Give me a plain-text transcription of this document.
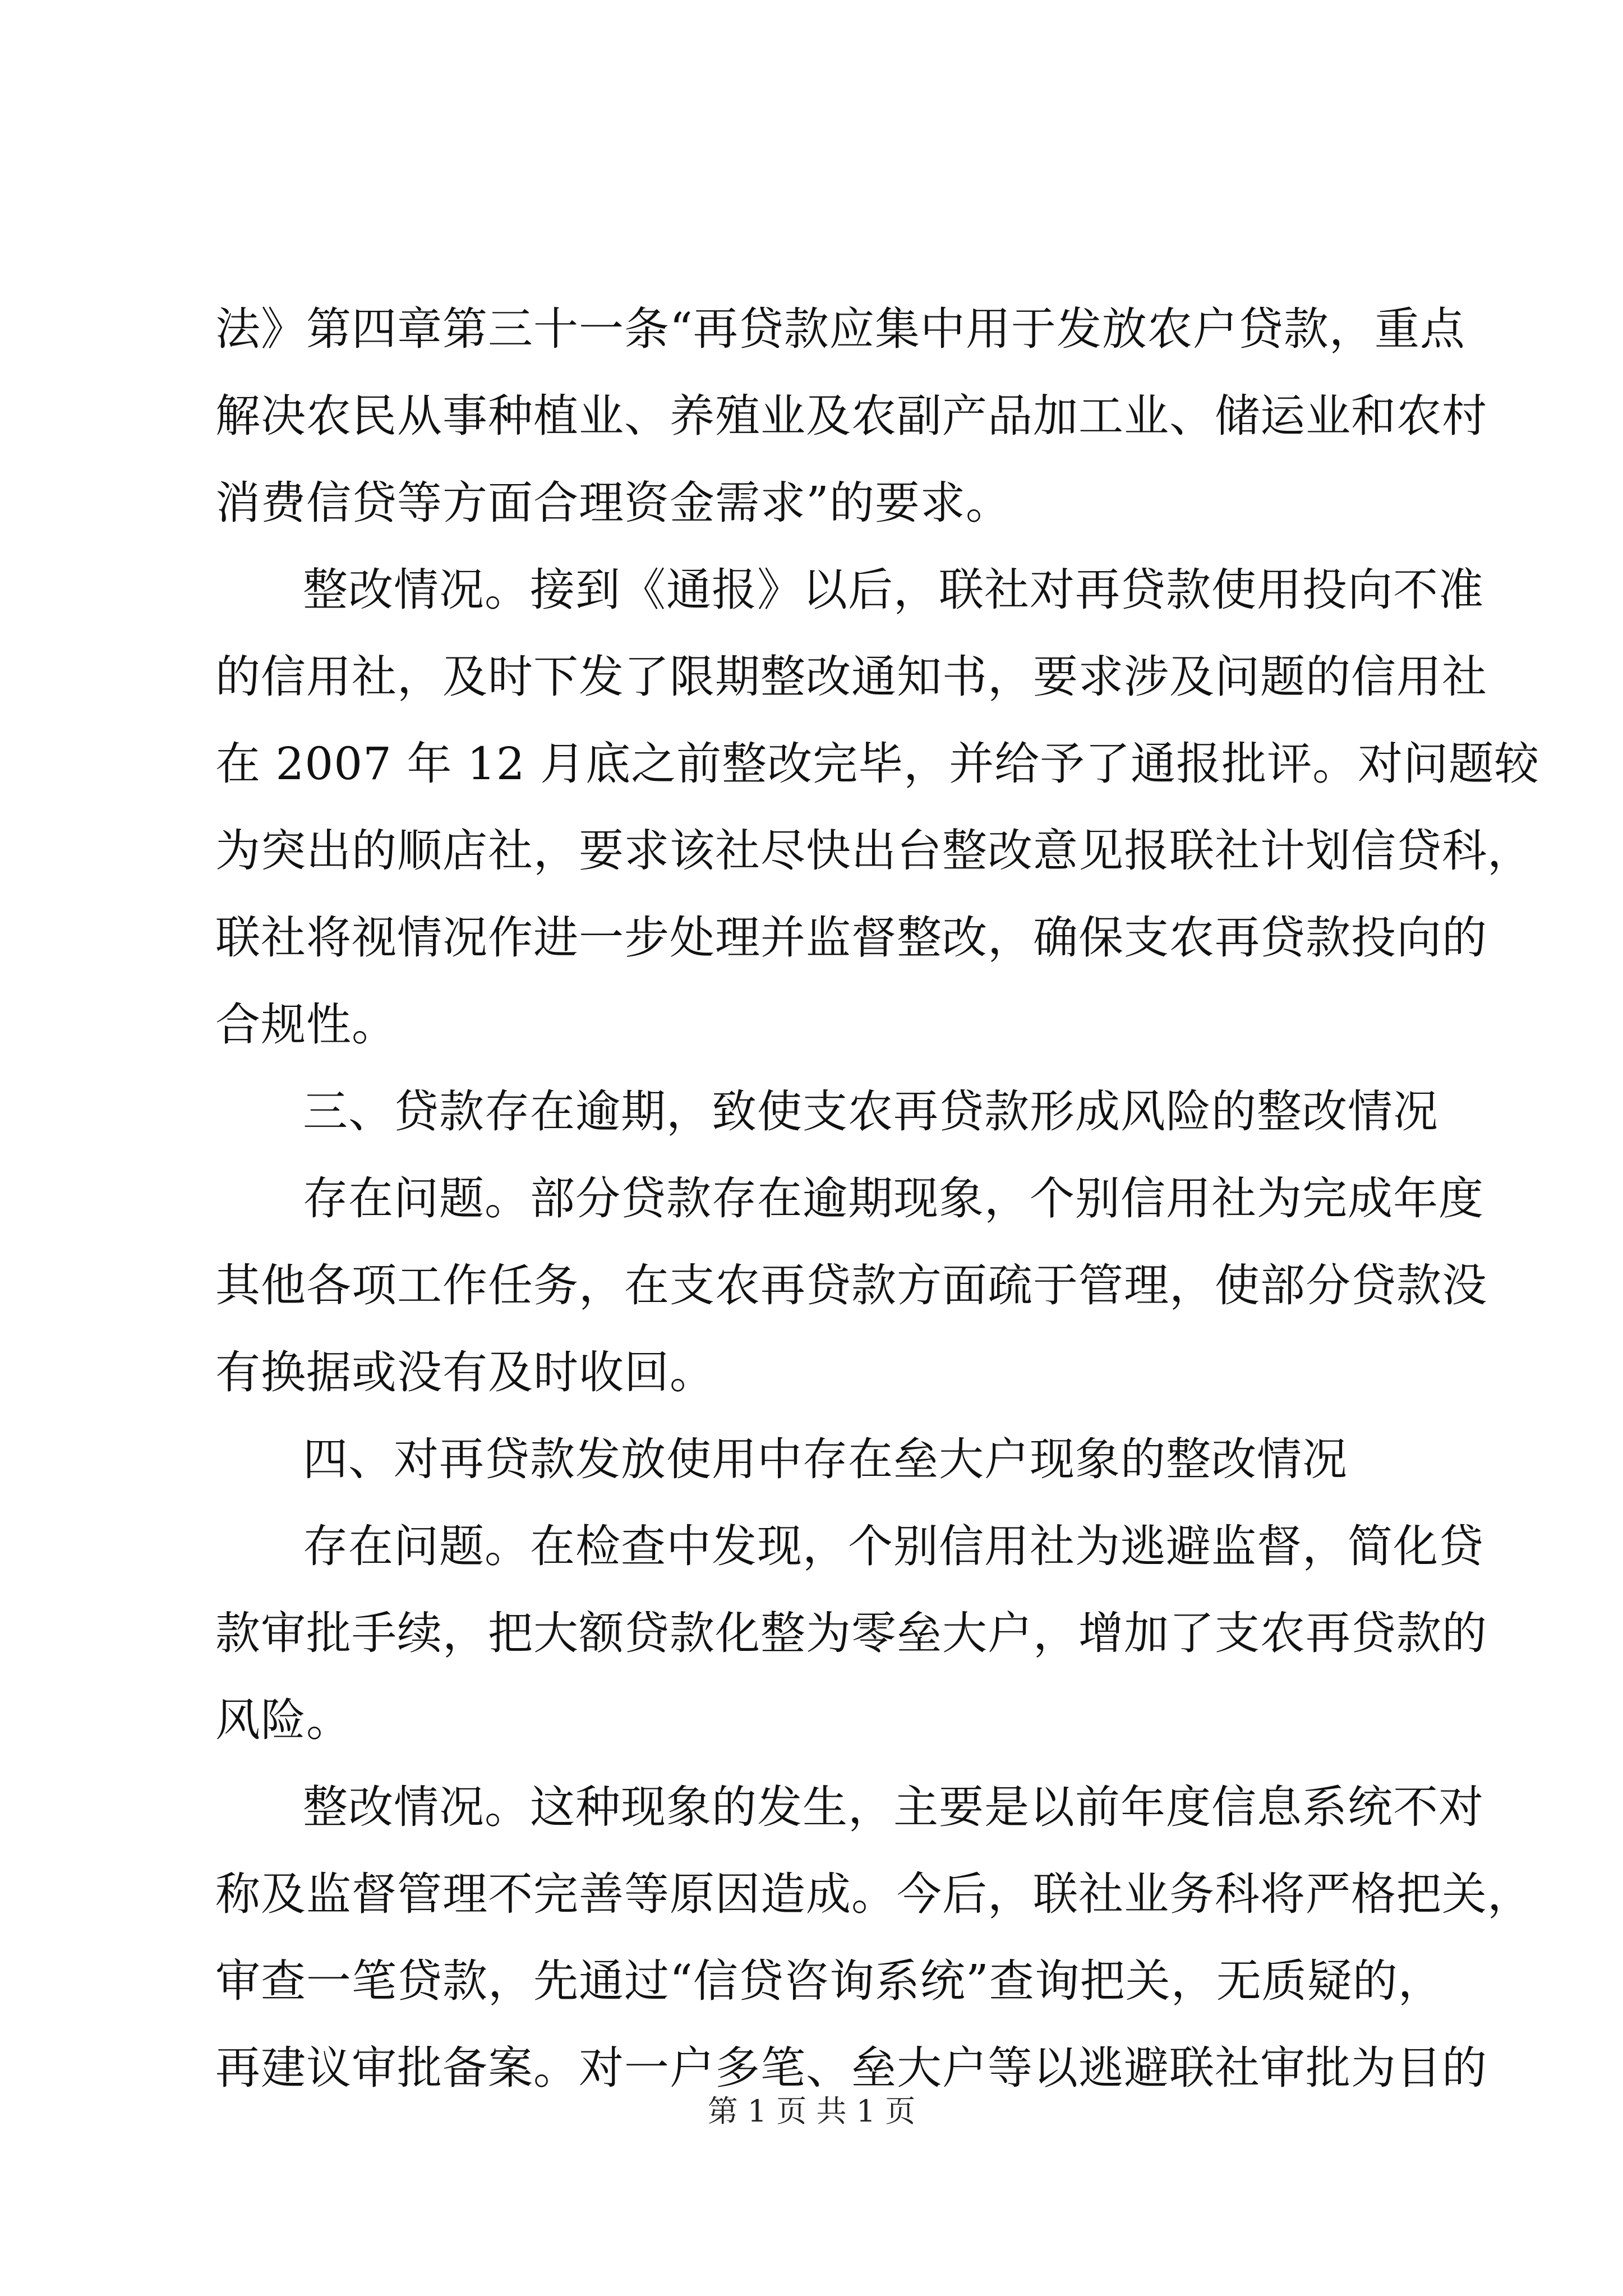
法》第四章第三十一条“再贷款应集中用于发放农户贷款，重点
解决农民从事种植业、养殖业及农副产品加工业、储运业和农村
消费信贷等方面合理资金需求”的要求。
整改情况。接到《通报》以后，联社对再贷款使用投向不准
的信用社，及时下发了限期整改通知书，要求涉及问题的信用社
在 2007 年 12 月底之前整改完毕，并给予了通报批评。对问题较
为突出的顺店社，要求该社尽快出台整改意见报联社计划信贷科，
联社将视情况作进一步处理并监督整改，确保支农再贷款投向的
合规性。
三、贷款存在逾期，致使支农再贷款形成风险的整改情况
存在问题。部分贷款存在逾期现象，个别信用社为完成年度
其他各项工作任务，在支农再贷款方面疏于管理，使部分贷款没
有换据或没有及时收回。
四、对再贷款发放使用中存在垒大户现象的整改情况
存在问题。在检查中发现，个别信用社为逃避监督，简化贷
款审批手续，把大额贷款化整为零垒大户，增加了支农再贷款的
风险。
整改情况。这种现象的发生，主要是以前年度信息系统不对
称及监督管理不完善等原因造成。今后，联社业务科将严格把关，
审查一笔贷款，先通过“信贷咨询系统”查询把关，无质疑的，
再建议审批备案。对一户多笔、垒大户等以逃避联社审批为目的
第 1 页 共 1 页
